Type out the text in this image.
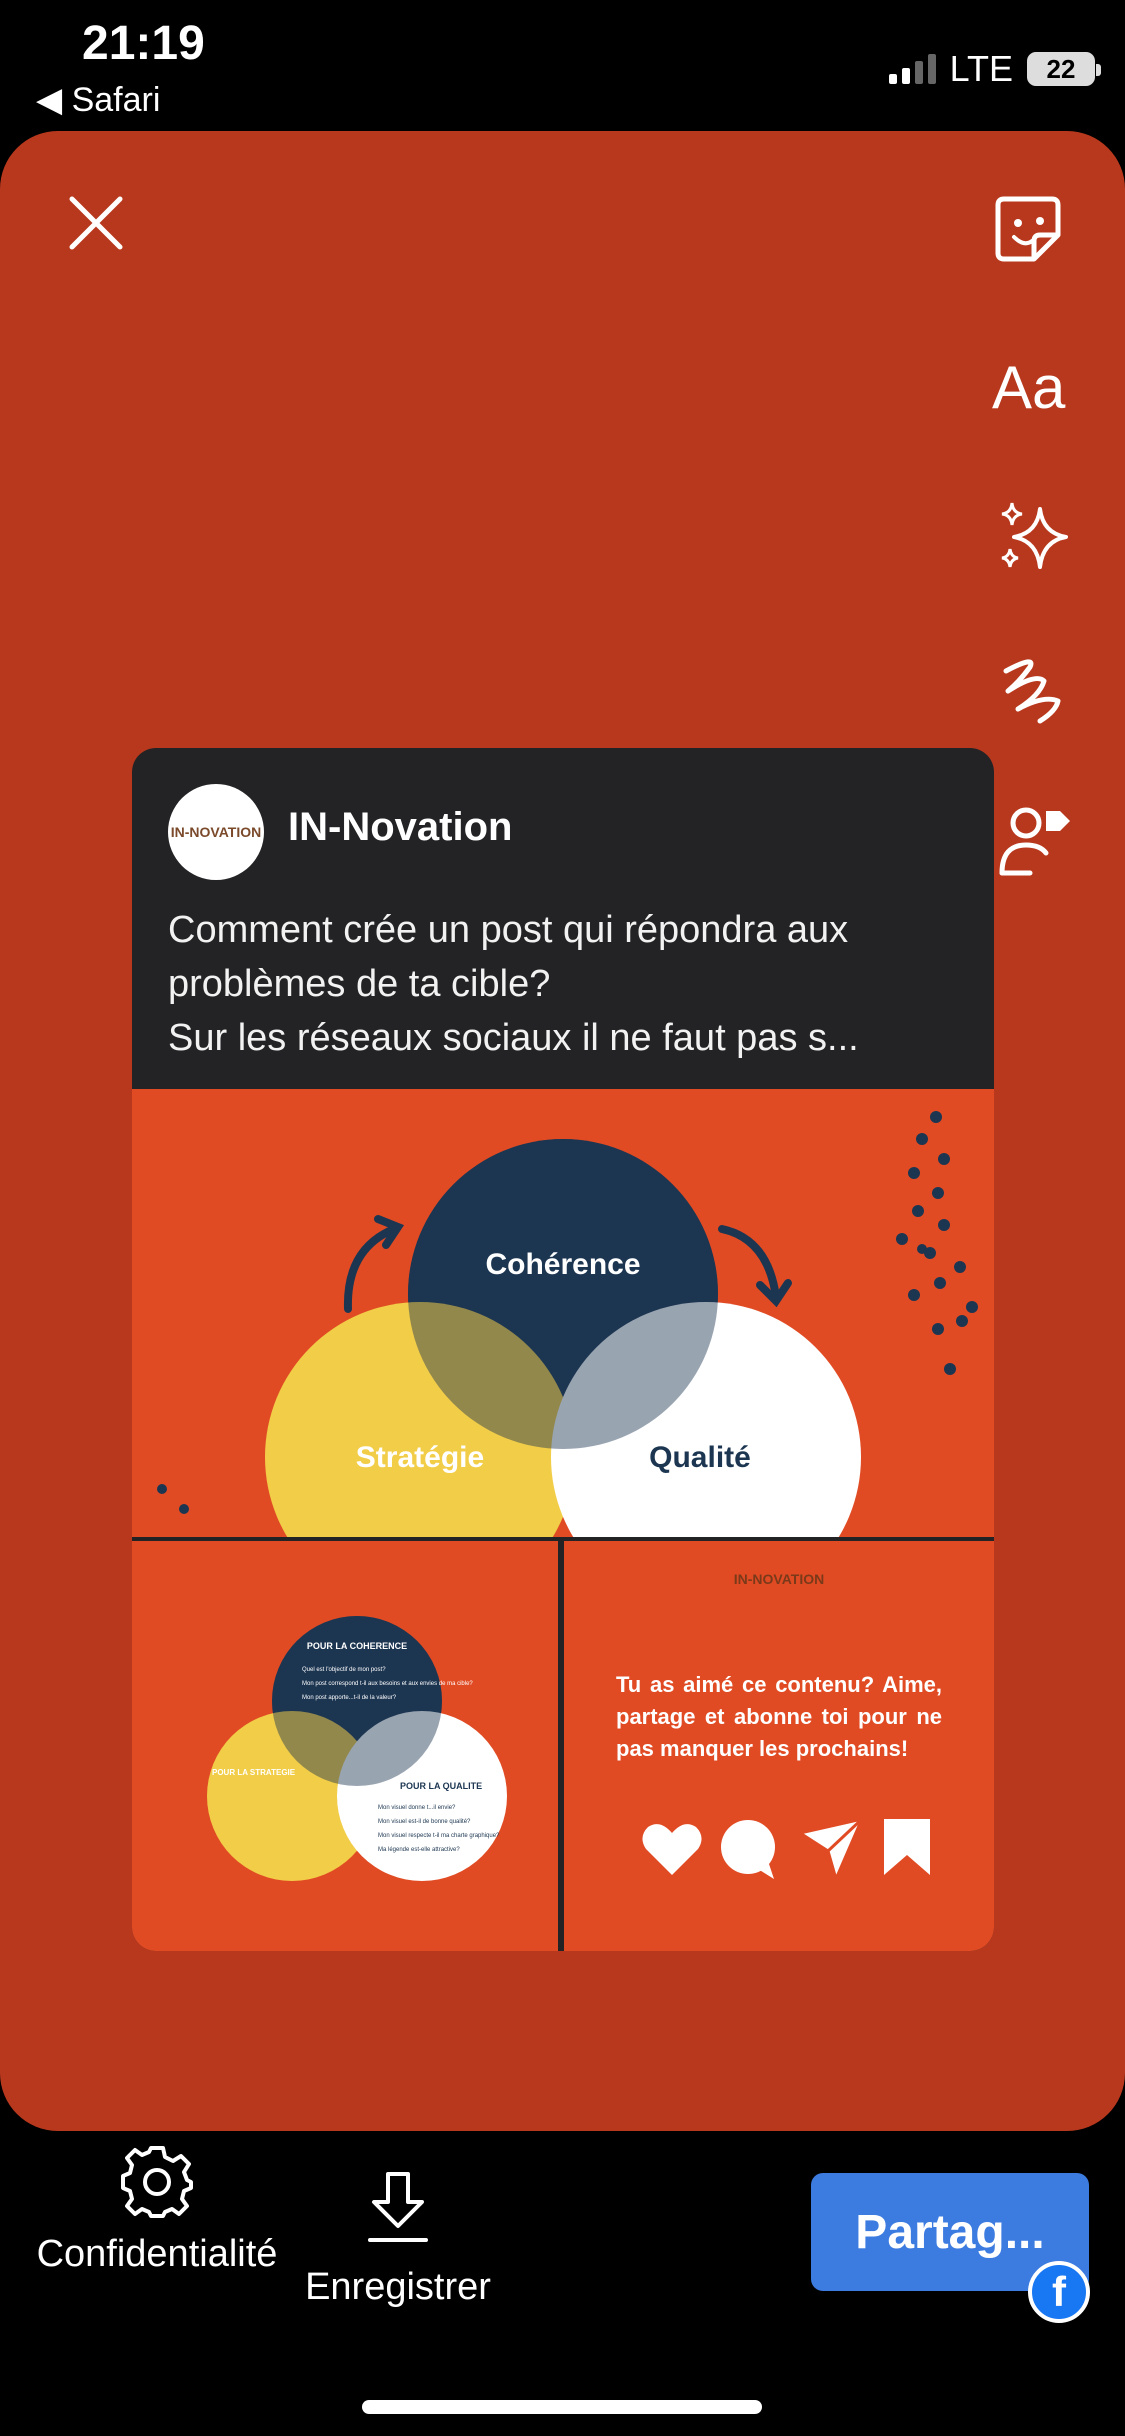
21:19
◀ Safari
LTE 22
Aa
IN-NOVATION IN-Novation
Comment crée un post qui répondra aux
problèmes de ta cible?
Sur les réseaux sociaux il ne faut pas s...
Cohérence
Stratégie	Qualité
POUR LA COHERENCE
Quel est l'objectif de mon post?
Mon post correspond t-il aux besoins et aux envies de ma cible?
Mon post apporte...t-il de la valeur?
POUR LA STRATEGIE
POUR LA QUALITE
Mon visuel donne t...il envie?
Mon visuel est-il de bonne qualité?
Mon visuel respecte t-il ma charte graphique?
Ma légende est-elle attractive?
IN-NOVATION
Tu as aimé ce contenu? Aime, partage et abonne toi pour ne pas manquer les prochains!
Confidentialité
Enregistrer
Partag...
f
